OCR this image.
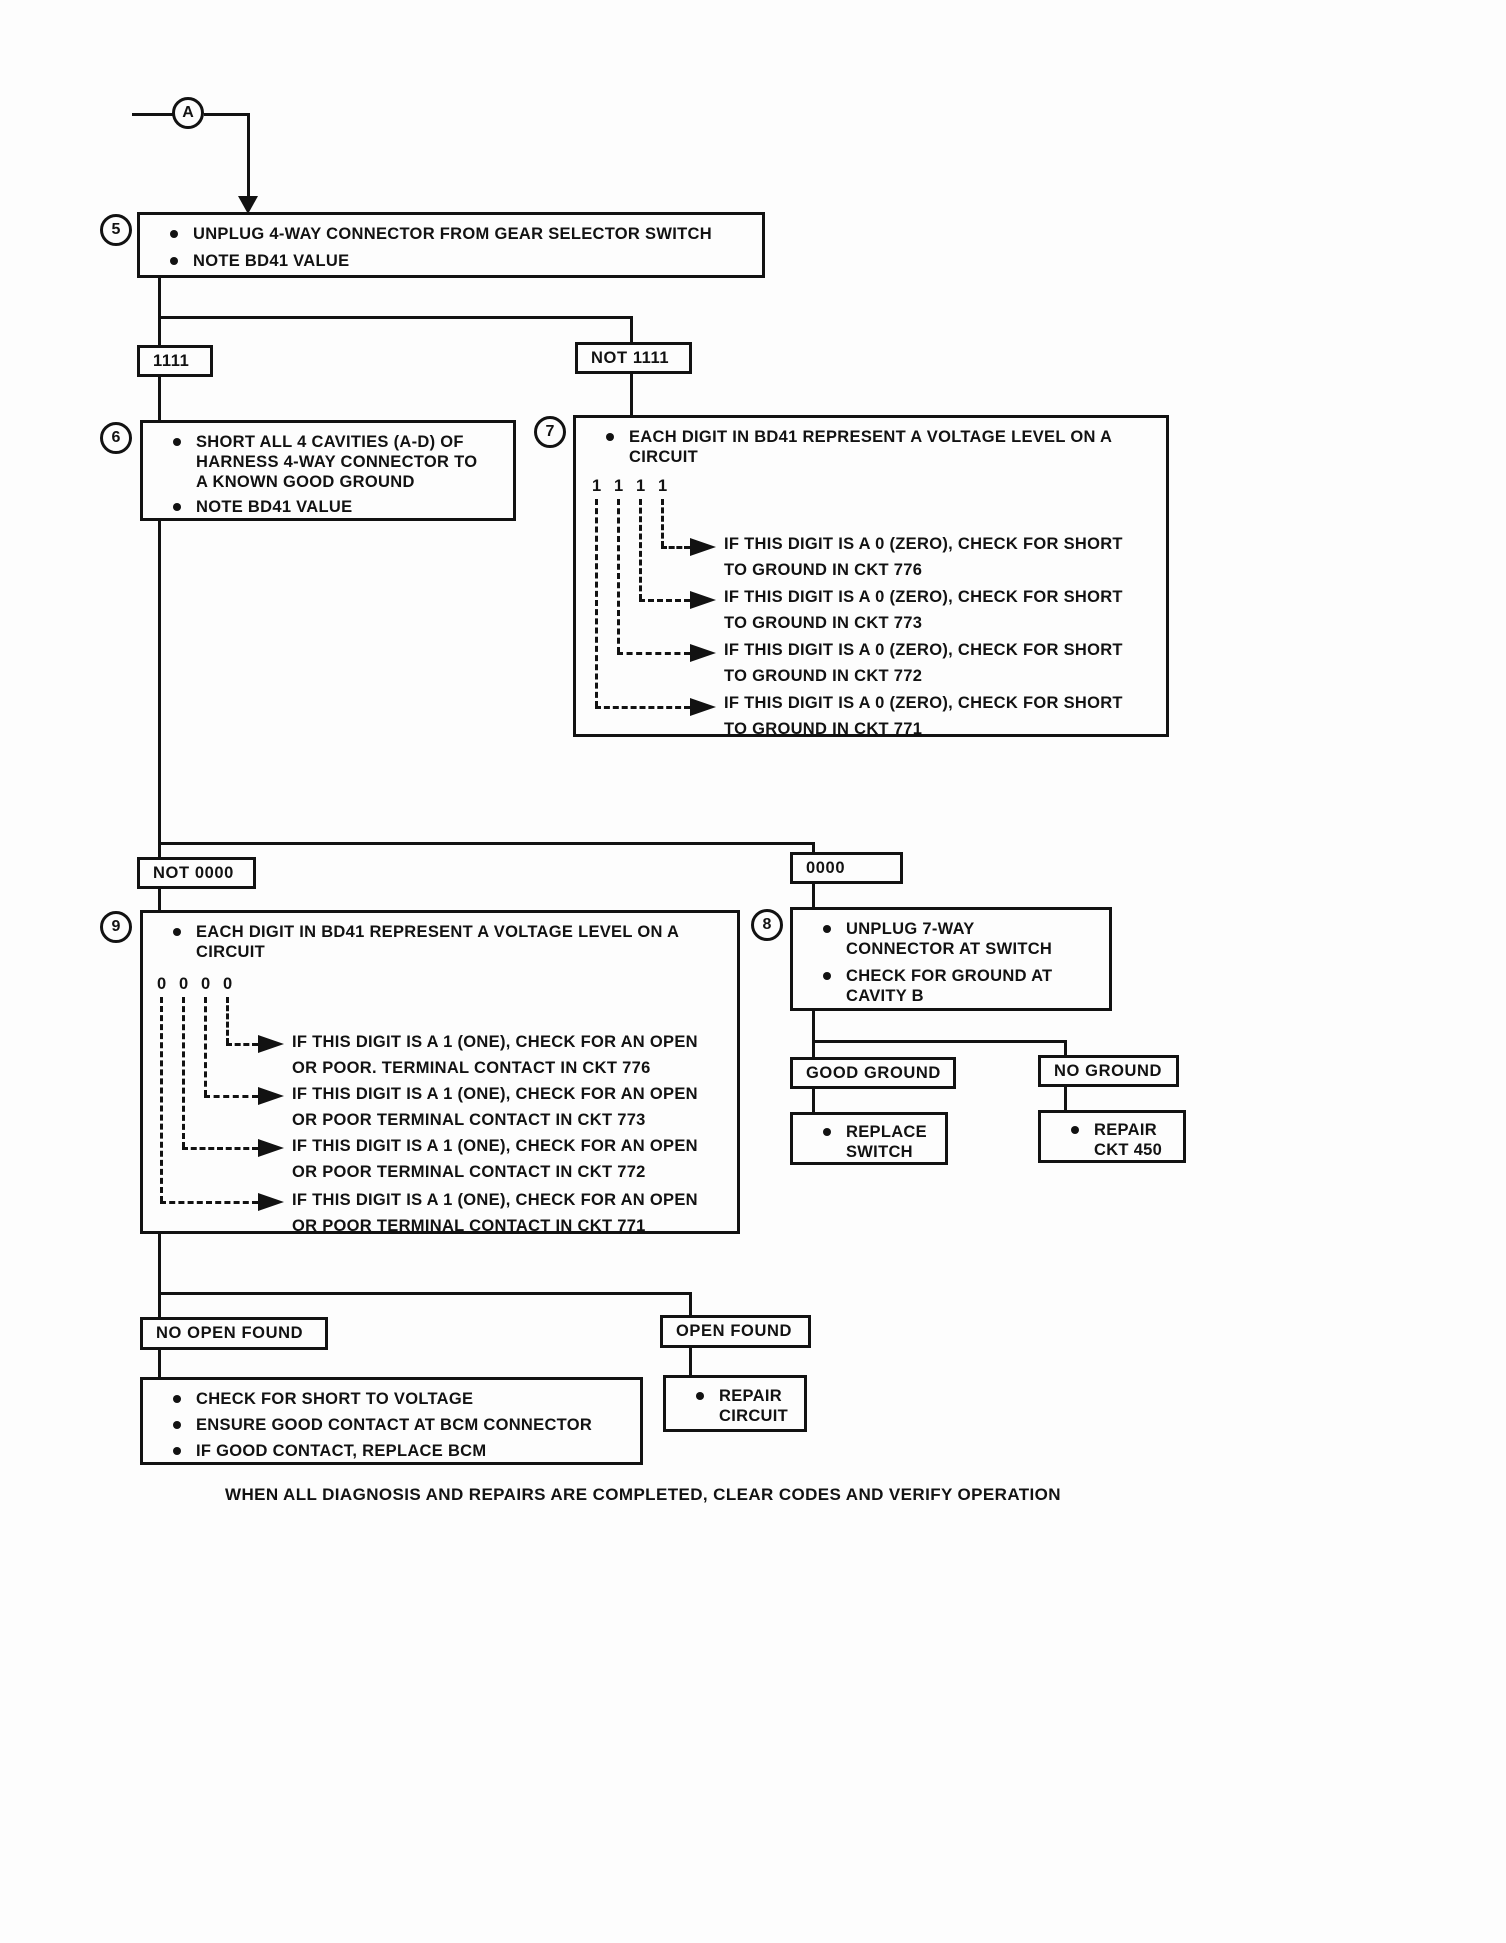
A
5	UNPLUG 4-WAY CONNECTOR FROM GEAR SELECTOR SWITCH
NOTE BD41 VALUE
1111	NOT 1111
6	SHORT ALL 4 CAVITIES (A-D) OF HARNESS 4-WAY CONNECTOR TO A KNOWN GOOD GROUND
NOTE BD41 VALUE
7	EACH DIGIT IN BD41 REPRESENT A VOLTAGE LEVEL ON A CIRCUIT
1 1 1 1
IF THIS DIGIT IS A 0 (ZERO), CHECK FOR SHORT TO GROUND IN CKT 776
IF THIS DIGIT IS A 0 (ZERO), CHECK FOR SHORT TO GROUND IN CKT 773
IF THIS DIGIT IS A 0 (ZERO), CHECK FOR SHORT TO GROUND IN CKT 772
IF THIS DIGIT IS A 0 (ZERO), CHECK FOR SHORT TO GROUND IN CKT 771
NOT 0000	0000
9	EACH DIGIT IN BD41 REPRESENT A VOLTAGE LEVEL ON A CIRCUIT
0 0 0 0
IF THIS DIGIT IS A 1 (ONE), CHECK FOR AN OPEN OR POOR. TERMINAL CONTACT IN CKT 776
IF THIS DIGIT IS A 1 (ONE), CHECK FOR AN OPEN OR POOR TERMINAL CONTACT IN CKT 773
IF THIS DIGIT IS A 1 (ONE), CHECK FOR AN OPEN OR POOR TERMINAL CONTACT IN CKT 772
IF THIS DIGIT IS A 1 (ONE), CHECK FOR AN OPEN OR POOR TERMINAL CONTACT IN CKT 771
8	UNPLUG 7-WAY CONNECTOR AT SWITCH
CHECK FOR GROUND AT CAVITY B
GOOD GROUND	NO GROUND
REPLACE SWITCH
REPAIR CKT 450
NO OPEN FOUND	OPEN FOUND
CHECK FOR SHORT TO VOLTAGE
ENSURE GOOD CONTACT AT BCM CONNECTOR
IF GOOD CONTACT, REPLACE BCM
REPAIR CIRCUIT
WHEN ALL DIAGNOSIS AND REPAIRS ARE COMPLETED, CLEAR CODES AND VERIFY OPERATION
